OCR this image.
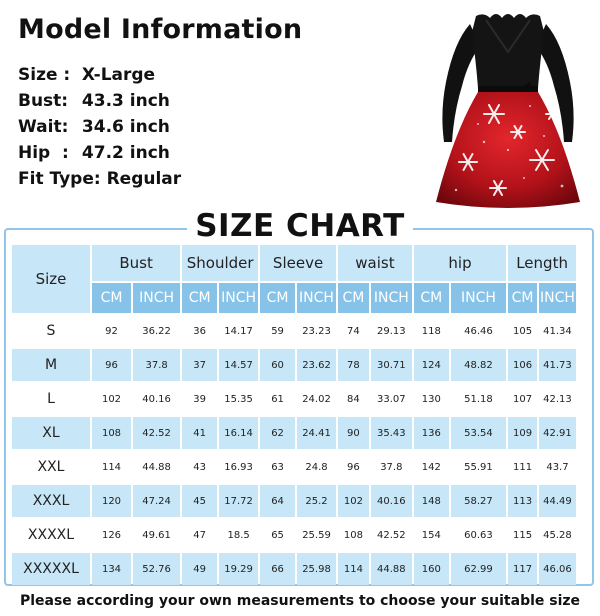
Model Information
Size : X-Large
Bust: 43.3 inch
Wait: 34.6 inch
Hip  : 47.2 inch
Fit Type: Regular
SIZE CHART
Size	Bust		Shoulder		Sleeve		waist		hip		Length	
	CM	INCH	CM	INCH	CM	INCH	CM	INCH	CM	INCH	CM	INCH
S	92	36.22	36	14.17	59	23.23	74	29.13	118	46.46	105	41.34
M	96	37.8	37	14.57	60	23.62	78	30.71	124	48.82	106	41.73
L	102	40.16	39	15.35	61	24.02	84	33.07	130	51.18	107	42.13
XL	108	42.52	41	16.14	62	24.41	90	35.43	136	53.54	109	42.91
XXL	114	44.88	43	16.93	63	24.8	96	37.8	142	55.91	111	43.7
XXXL	120	47.24	45	17.72	64	25.2	102	40.16	148	58.27	113	44.49
XXXXL	126	49.61	47	18.5	65	25.59	108	42.52	154	60.63	115	45.28
XXXXXL	134	52.76	49	19.29	66	25.98	114	44.88	160	62.99	117	46.06
Please according your own measurements to choose your suitable size
